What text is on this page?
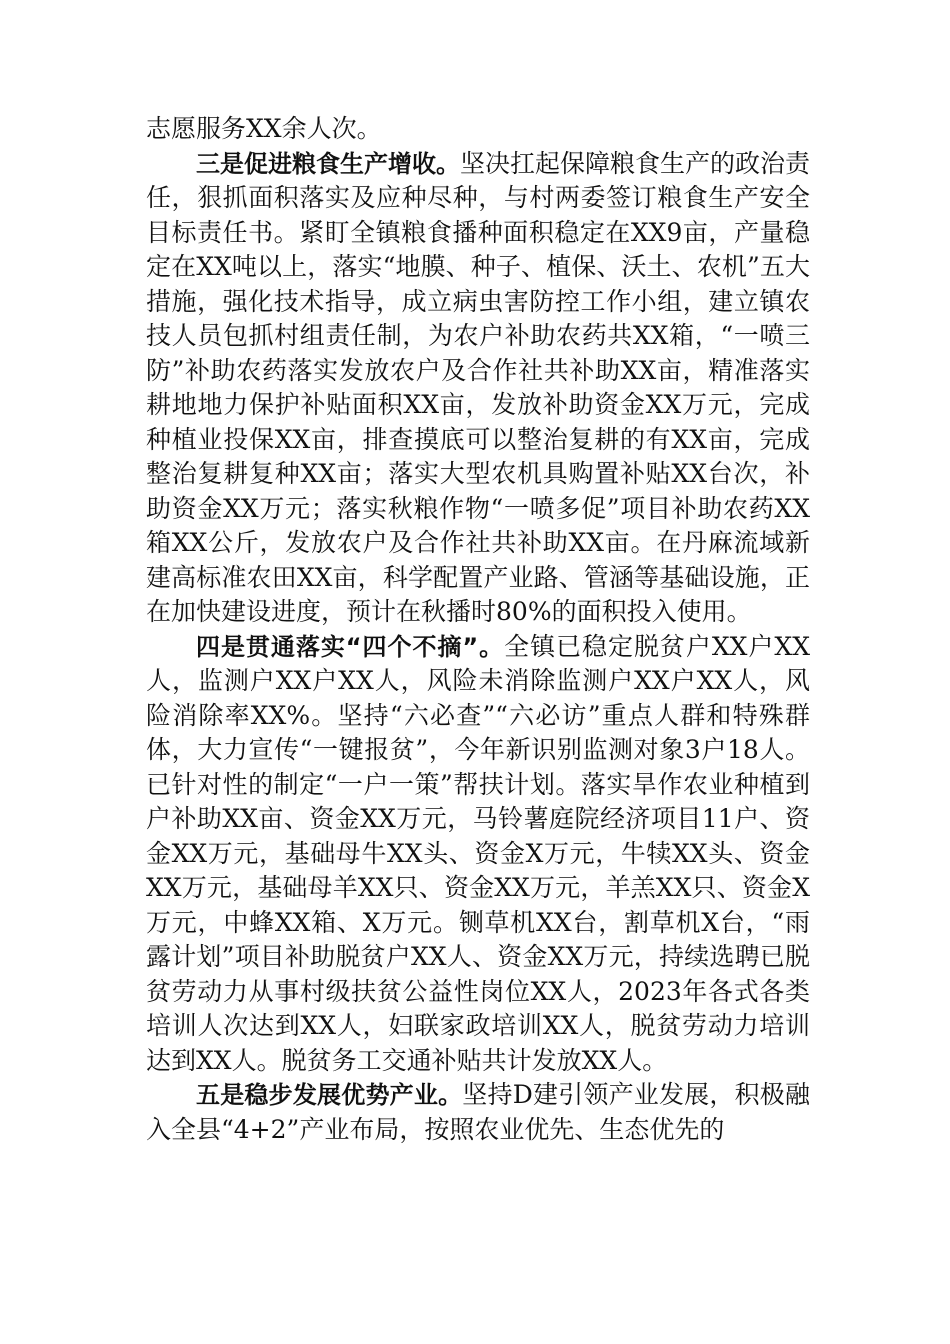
志愿服务XX余人次。

三是促进粮食生产增收。坚决扛起保障粮食生产的政治责任，狠抓面积落实及应种尽种，与村两委签订粮食生产安全目标责任书。紧盯全镇粮食播种面积稳定在XX9亩，产量稳定在XX吨以上，落实“地膜、种子、植保、沃土、农机”五大措施，强化技术指导，成立病虫害防控工作小组，建立镇农技人员包抓村组责任制，为农户补助农药共XX箱，“一喷三防”补助农药落实发放农户及合作社共补助XX亩，精准落实耕地地力保护补贴面积XX亩，发放补助资金XX万元，完成种植业投保XX亩，排查摸底可以整治复耕的有XX亩，完成整治复耕复种XX亩；落实大型农机具购置补贴XX台次，补助资金XX万元；落实秋粮作物“一喷多促”项目补助农药XX箱XX公斤，发放农户及合作社共补助XX亩。在丹麻流域新建高标准农田XX亩，科学配置产业路、管涵等基础设施，正在加快建设进度，预计在秋播时80%的面积投入使用。

四是贯通落实“四个不摘”。全镇已稳定脱贫户XX户XX人，监测户XX户XX人，风险未消除监测户XX户XX人，风险消除率XX%。坚持“六必查”“六必访”重点人群和特殊群体，大力宣传“一键报贫”，今年新识别监测对象3户18人。已针对性的制定“一户一策”帮扶计划。落实旱作农业种植到户补助XX亩、资金XX万元，马铃薯庭院经济项目11户、资金XX万元，基础母牛XX头、资金X万元，牛犊XX头、资金XX万元，基础母羊XX只、资金XX万元，羊羔XX只、资金X万元，中蜂XX箱、X万元。铡草机XX台，割草机X台，“雨露计划”项目补助脱贫户XX人、资金XX万元，持续选聘已脱贫劳动力从事村级扶贫公益性岗位XX人，2023年各式各类培训人次达到XX人，妇联家政培训XX人，脱贫劳动力培训达到XX人。脱贫务工交通补贴共计发放XX人。

五是稳步发展优势产业。坚持D建引领产业发展，积极融入全县“4+2”产业布局，按照农业优先、生态优先的
